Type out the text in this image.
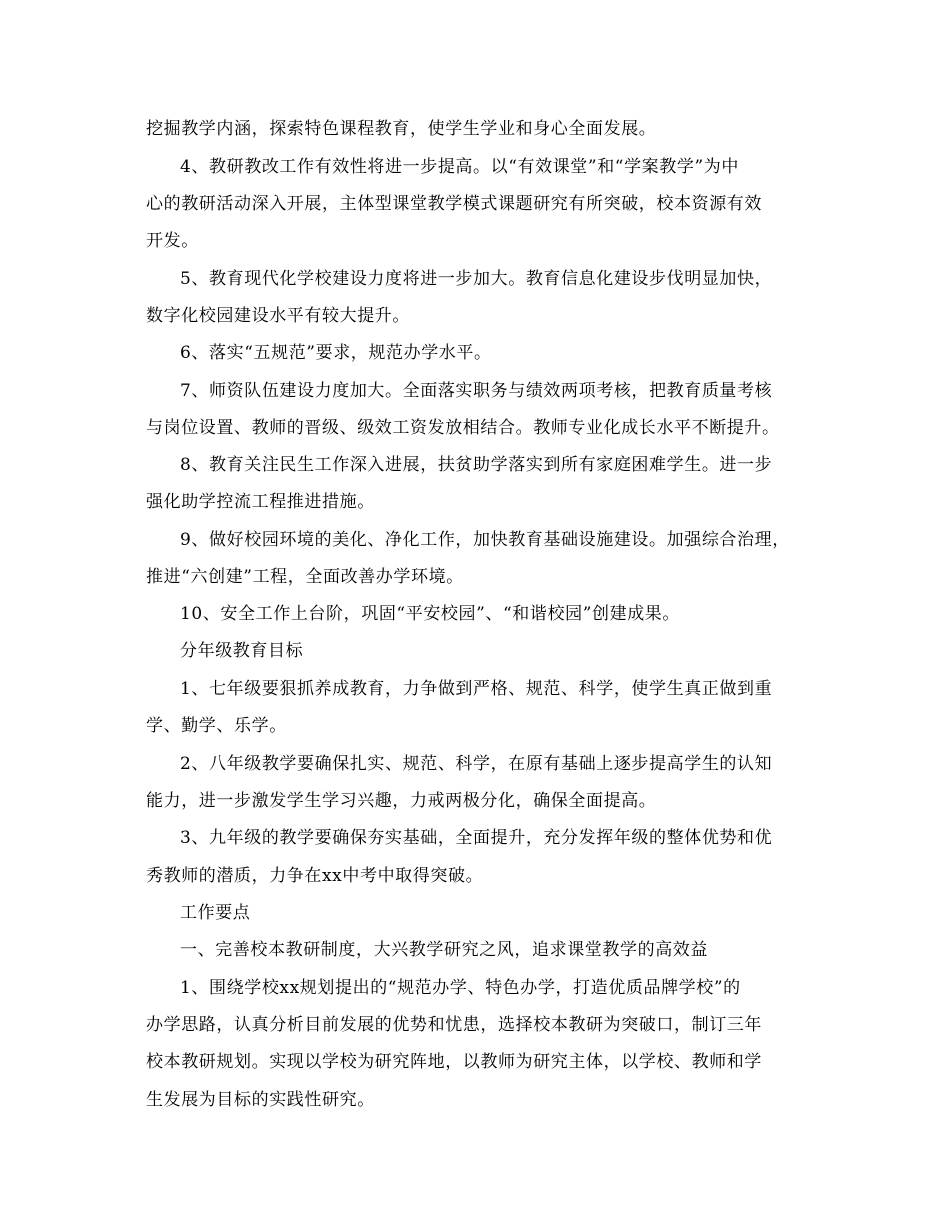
挖掘教学内涵，探索特色课程教育，使学生学业和身心全面发展。

4、教研教改工作有效性将进一步提高。以“有效课堂”和“学案教学”为中

心的教研活动深入开展，主体型课堂教学模式课题研究有所突破，校本资源有效

开发。

5、教育现代化学校建设力度将进一步加大。教育信息化建设步伐明显加快，

数字化校园建设水平有较大提升。

6、落实“五规范”要求，规范办学水平。

7、师资队伍建设力度加大。全面落实职务与绩效两项考核，把教育质量考核

与岗位设置、教师的晋级、级效工资发放相结合。教师专业化成长水平不断提升。

8、教育关注民生工作深入进展，扶贫助学落实到所有家庭困难学生。进一步

强化助学控流工程推进措施。

9、做好校园环境的美化、净化工作，加快教育基础设施建设。加强综合治理，

推进“六创建”工程，全面改善办学环境。

10、安全工作上台阶，巩固“平安校园”、“和谐校园”创建成果。

分年级教育目标

1、七年级要狠抓养成教育，力争做到严格、规范、科学，使学生真正做到重

学、勤学、乐学。

2、八年级教学要确保扎实、规范、科学，在原有基础上逐步提高学生的认知

能力，进一步激发学生学习兴趣，力戒两极分化，确保全面提高。

3、九年级的教学要确保夯实基础，全面提升，充分发挥年级的整体优势和优

秀教师的潜质，力争在xx中考中取得突破。

工作要点

一、完善校本教研制度，大兴教学研究之风，追求课堂教学的高效益

1、围绕学校xx规划提出的“规范办学、特色办学，打造优质品牌学校”的

办学思路，认真分析目前发展的优势和忧患，选择校本教研为突破口，制订三年

校本教研规划。实现以学校为研究阵地，以教师为研究主体，以学校、教师和学

生发展为目标的实践性研究。
